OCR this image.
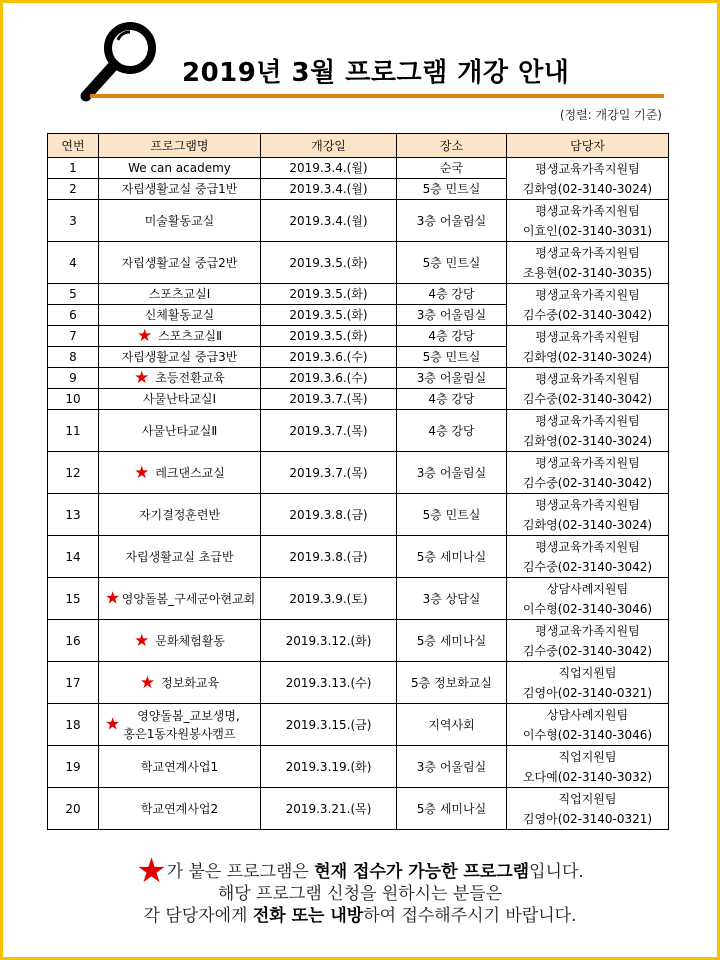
2019년 3월 프로그램 개강 안내
(정렬: 개강일 기준)
연번	프로그램명	개강일	장소	담당자
1	We can academy	2019.3.4.(월)	순국	평생교육가족지원팀
김화영(02-3140-3024)

2	자립생활교실 중급1반	2019.3.4.(월)	5층 민트실	
3	미술활동교실	2019.3.4.(월)	3층 어울림실	평생교육가족지원팀
이효인(02-3140-3031)

4	자립생활교실 중급2반	2019.3.5.(화)	5층 민트실	평생교육가족지원팀
조용현(02-3140-3035)

5	스포츠교실Ⅰ	2019.3.5.(화)	4층 강당	평생교육가족지원팀
김수중(02-3140-3042)

6	신체활동교실	2019.3.5.(화)	3층 어울림실	
7	★ 스포츠교실Ⅱ	2019.3.5.(화)	4층 강당	평생교육가족지원팀
김화영(02-3140-3024)

8	자립생활교실 중급3반	2019.3.6.(수)	5층 민트실	
9	★ 초등전환교육	2019.3.6.(수)	3층 어울림실	평생교육가족지원팀
김수중(02-3140-3042)

10	사물난타교실Ⅰ	2019.3.7.(목)	4층 강당	
11	사물난타교실Ⅱ	2019.3.7.(목)	4층 강당	평생교육가족지원팀
김화영(02-3140-3024)

12	★ 레크댄스교실	2019.3.7.(목)	3층 어울림실	평생교육가족지원팀
김수중(02-3140-3042)

13	자기결정훈련반	2019.3.8.(금)	5층 민트실	평생교육가족지원팀
김화영(02-3140-3024)

14	자립생활교실 초급반	2019.3.8.(금)	5층 세미나실	평생교육가족지원팀
김수중(02-3140-3042)

15	★ 영양돌봄_구세군아현교회	2019.3.9.(토)	3층 상담실	상담사례지원팀
이수형(02-3140-3046)

16	★ 문화체험활동	2019.3.12.(화)	5층 세미나실	평생교육가족지원팀
김수중(02-3140-3042)

17	★ 정보화교육	2019.3.13.(수)	5층 정보화교실	직업지원팀
김영아(02-3140-0321)

18	★ 영양돌봄_교보생명,
홍은1동자원봉사캠프	2019.3.15.(금)	지역사회	상담사례지원팀
이수형(02-3140-3046)

19	학교연계사업1	2019.3.19.(화)	3층 어울림실	직업지원팀
오다예(02-3140-3032)

20	학교연계사업2	2019.3.21.(목)	5층 세미나실	직업지원팀
김영아(02-3140-0321)
★가 붙은 프로그램은 현재 접수가 가능한 프로그램입니다.
해당 프로그램 신청을 원하시는 분들은
각 담당자에게 전화 또는 내방하여 접수해주시기 바랍니다.
